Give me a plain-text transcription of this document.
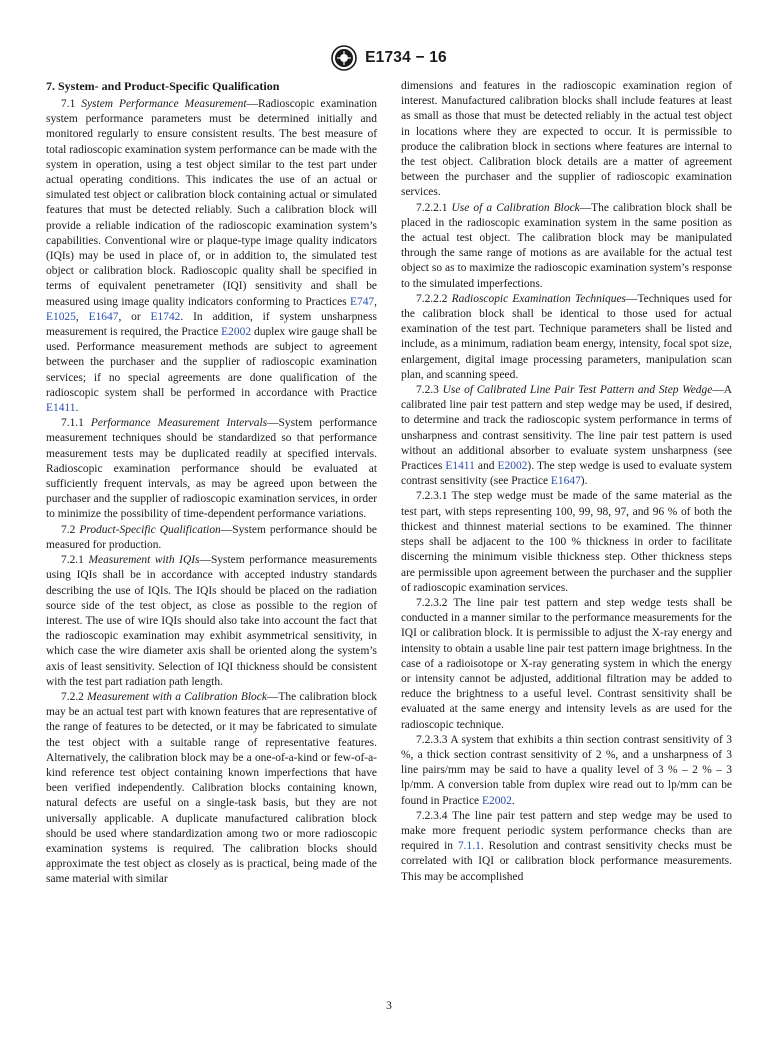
E1734 − 16
7. System- and Product-Specific Qualification

7.1 System Performance Measurement—Radioscopic examination system performance parameters must be determined initially and monitored regularly to ensure consistent results. The best measure of total radioscopic examination system performance can be made with the system in operation, using a test object similar to the test part under actual operating conditions. This indicates the use of an actual or simulated test object or calibration block containing actual or simulated features that must be detected reliably. Such a calibration block will provide a reliable indication of the radioscopic examination system’s capabilities. Conventional wire or plaque-type image quality indicators (IQIs) may be used in place of, or in addition to, the simulated test object or calibration block. Radioscopic quality shall be specified in terms of equivalent penetrameter (IQI) sensitivity and shall be measured using image quality indicators conforming to Practices E747, E1025, E1647, or E1742. In addition, if system unsharpness measurement is required, the Practice E2002 duplex wire gauge shall be used. Performance measurement methods are subject to agreement between the purchaser and the supplier of radioscopic examination services; if no special agreements are done qualification of the radioscopic system shall be performed in accordance with Practice E1411.

7.1.1 Performance Measurement Intervals—System performance measurement techniques should be standardized so that performance measurement tests may be duplicated readily at specified intervals. Radioscopic examination performance should be evaluated at sufficiently frequent intervals, as may be agreed upon between the purchaser and the supplier of radioscopic examination services, in order to minimize the possibility of time-dependent performance variations.

7.2 Product-Specific Qualification—System performance should be measured for production.

7.2.1 Measurement with IQIs—System performance measurements using IQIs shall be in accordance with accepted industry standards describing the use of IQIs. The IQIs should be placed on the radiation source side of the test object, as close as possible to the region of interest. The use of wire IQIs should also take into account the fact that the radioscopic examination may exhibit asymmetrical sensitivity, in which case the wire diameter axis shall be oriented along the system’s axis of least sensitivity. Selection of IQI thickness should be consistent with the test part radiation path length.

7.2.2 Measurement with a Calibration Block—The calibration block may be an actual test part with known features that are representative of the range of features to be detected, or it may be fabricated to simulate the test object with a suitable range of representative features. Alternatively, the calibration block may be a one-of-a-kind or few-of-a-kind reference test object containing known imperfections that have been verified independently. Calibration blocks containing known, natural defects are useful on a single-task basis, but they are not universally applicable. A duplicate manufactured calibration block should be used where standardization among two or more radioscopic examination systems is required. The calibration blocks should approximate the test object as closely as is practical, being made of the same material with similar

dimensions and features in the radioscopic examination region of interest. Manufactured calibration blocks shall include features at least as small as those that must be detected reliably in the actual test object in locations where they are expected to occur. It is permissible to produce the calibration block in sections where features are internal to the test object. Calibration block details are a matter of agreement between the purchaser and the supplier of radioscopic examination services.

7.2.2.1 Use of a Calibration Block—The calibration block shall be placed in the radioscopic examination system in the same position as the actual test object. The calibration block may be manipulated through the same range of motions as are available for the actual test object so as to maximize the radioscopic examination system’s response to the simulated imperfections.

7.2.2.2 Radioscopic Examination Techniques—Techniques used for the calibration block shall be identical to those used for actual examination of the test part. Technique parameters shall be listed and include, as a minimum, radiation beam energy, intensity, focal spot size, enlargement, digital image processing parameters, manipulation scan plan, and scanning speed.

7.2.3 Use of Calibrated Line Pair Test Pattern and Step Wedge—A calibrated line pair test pattern and step wedge may be used, if desired, to determine and track the radioscopic system performance in terms of unsharpness and contrast sensitivity. The line pair test pattern is used without an additional absorber to evaluate system unsharpness (see Practices E1411 and E2002). The step wedge is used to evaluate system contrast sensitivity (see Practice E1647).

7.2.3.1 The step wedge must be made of the same material as the test part, with steps representing 100, 99, 98, 97, and 96 % of both the thickest and thinnest material sections to be examined. The thinner steps shall be adjacent to the 100 % thickness in order to facilitate discerning the minimum visible thickness step. Other thickness steps are permissible upon agreement between the purchaser and the supplier of radioscopic examination services.

7.2.3.2 The line pair test pattern and step wedge tests shall be conducted in a manner similar to the performance measurements for the IQI or calibration block. It is permissible to adjust the X-ray energy and intensity to obtain a usable line pair test pattern image brightness. In the case of a radioisotope or X-ray generating system in which the energy or intensity cannot be adjusted, additional filtration may be added to reduce the brightness to a useful level. Contrast sensitivity shall be evaluated at the same energy and intensity levels as are used for the radioscopic technique.

7.2.3.3 A system that exhibits a thin section contrast sensitivity of 3 %, a thick section contrast sensitivity of 2 %, and a unsharpness of 3 line pairs/mm may be said to have a quality level of 3 % – 2 % – 3 lp/mm. A conversion table from duplex wire read out to lp/mm can be found in Practice E2002.

7.2.3.4 The line pair test pattern and step wedge may be used to make more frequent periodic system performance checks than are required in 7.1.1. Resolution and contrast sensitivity checks must be correlated with IQI or calibration block performance measurements. This may be accomplished

3
